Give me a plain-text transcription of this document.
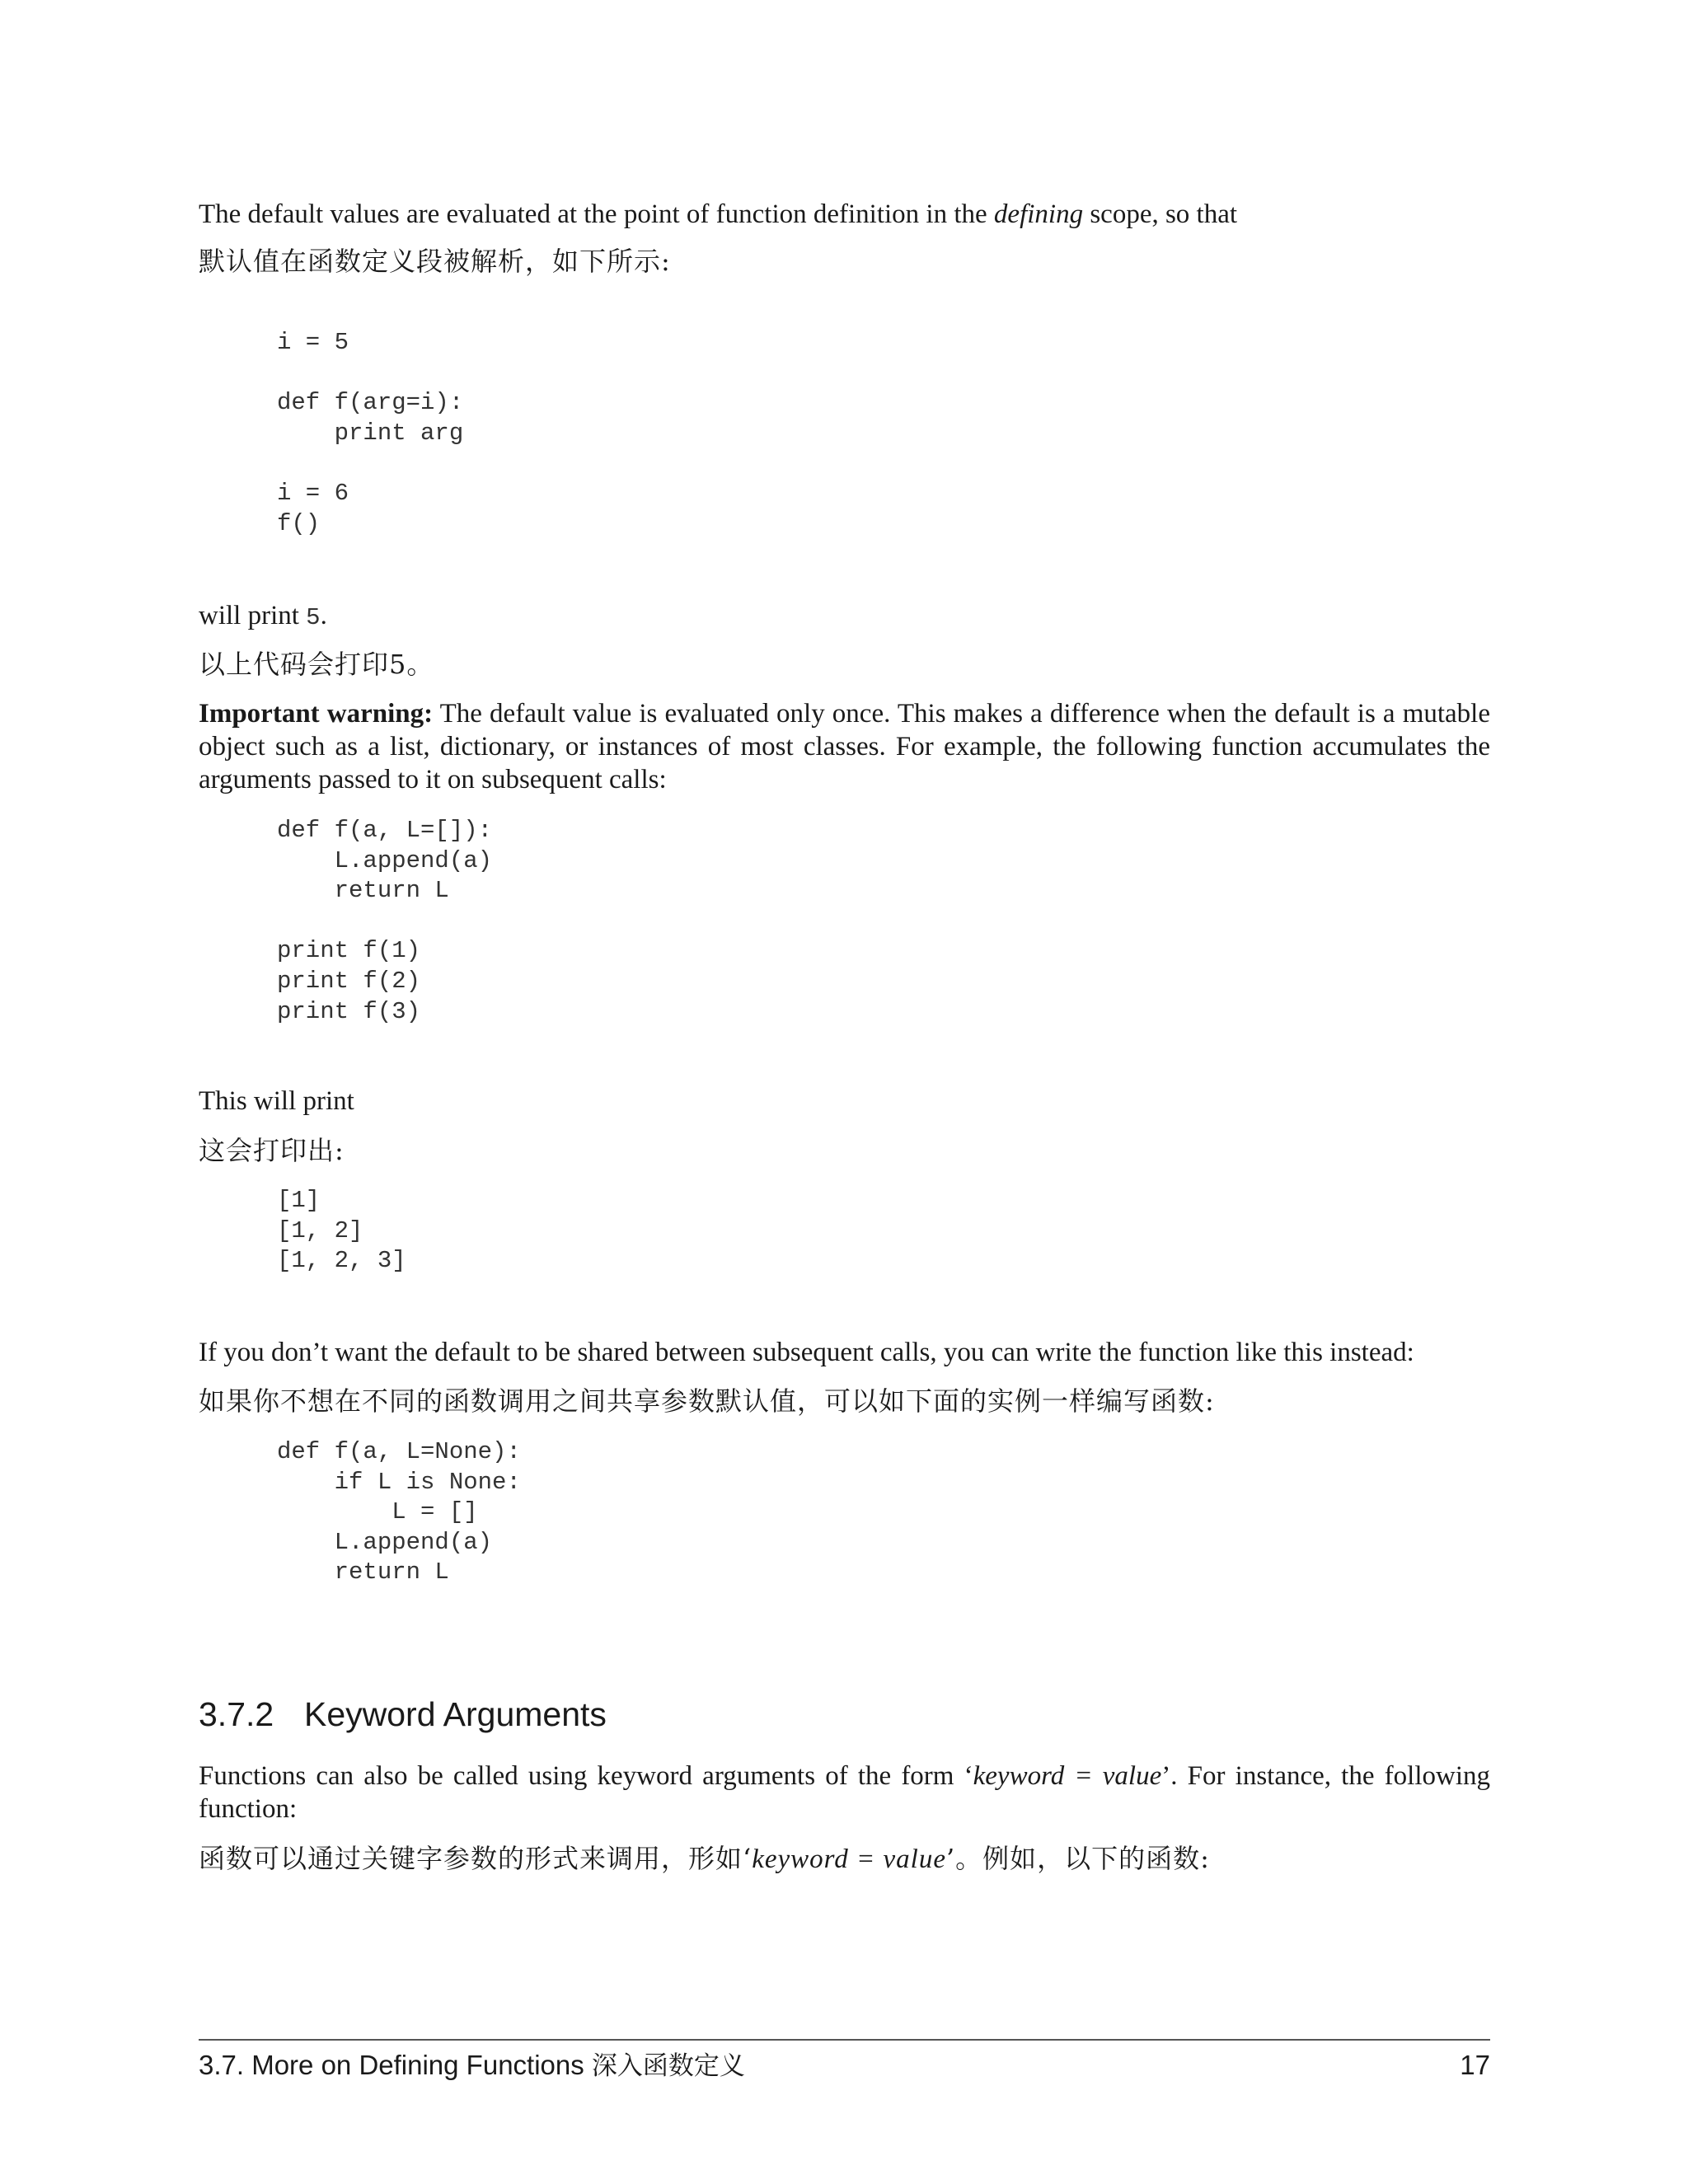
The default values are evaluated at the point of function definition in the defining scope, so that

默认值在函数定义段被解析，如下所示:

i = 5

def f(arg=i):
print arg

i = 6
f()

will print 5.

以上代码会打印5。

Important warning: The default value is evaluated only once. This makes a difference when the default is a mutable object such as a list, dictionary, or instances of most classes. For example, the following function accumulates the arguments passed to it on subsequent calls:

def f(a, L=[]):
L.append(a)
return L

print f(1)
print f(2)
print f(3)

This will print

这会打印出:

[1]
[1, 2]
[1, 2, 3]

If you don’t want the default to be shared between subsequent calls, you can write the function like this instead:

如果你不想在不同的函数调用之间共享参数默认值，可以如下面的实例一样编写函数:

def f(a, L=None):
if L is None:
L = []
L.append(a)
return L
3.7.2 Keyword Arguments

Functions can also be called using keyword arguments of the form ‘keyword = value’. For instance, the following function:

函数可以通过关键字参数的形式来调用，形如‘keyword = value’。例如，以下的函数:

3.7. More on Defining Functions 深入函数定义	17
